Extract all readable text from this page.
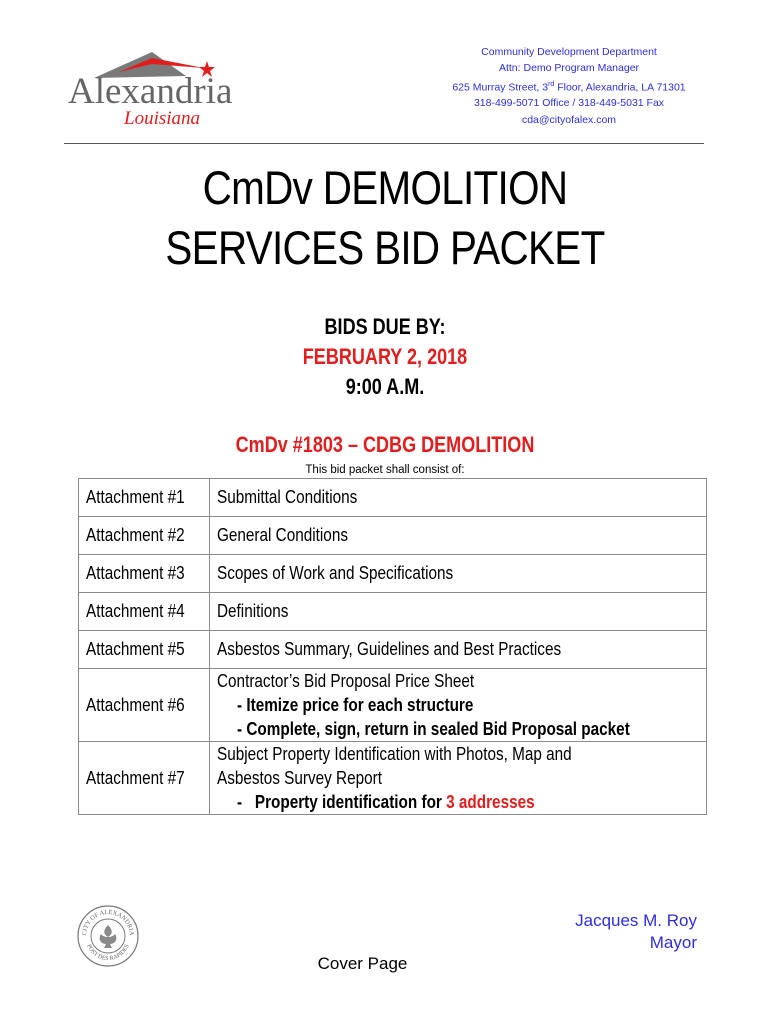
Alexandria
Louisiana
Community Development Department
Attn: Demo Program Manager
625 Murray Street, 3rd Floor, Alexandria, LA 71301
318-499-5071 Office / 318-449-5031 Fax
cda@cityofalex.com
CmDv DEMOLITION
SERVICES BID PACKET
BIDS DUE BY:
FEBRUARY 2, 2018
9:00 A.M.
CmDv #1803 – CDBG DEMOLITION
This bid packet shall consist of:
Attachment #1	Submittal Conditions
Attachment #2	General Conditions
Attachment #3	Scopes of Work and Specifications
Attachment #4	Definitions
Attachment #5	Asbestos Summary, Guidelines and Best Practices
Attachment #6	Contractor’s Bid Proposal Price Sheet
- Itemize price for each structure
- Complete, sign, return in sealed Bid Proposal packet

Attachment #7	Subject Property Identification with Photos, Map and
Asbestos Survey Report
- Property identification for 3 addresses
CITY OF ALEXANDRIA
POST DES RAPIDES
Jacques M. Roy
Mayor
Cover Page
